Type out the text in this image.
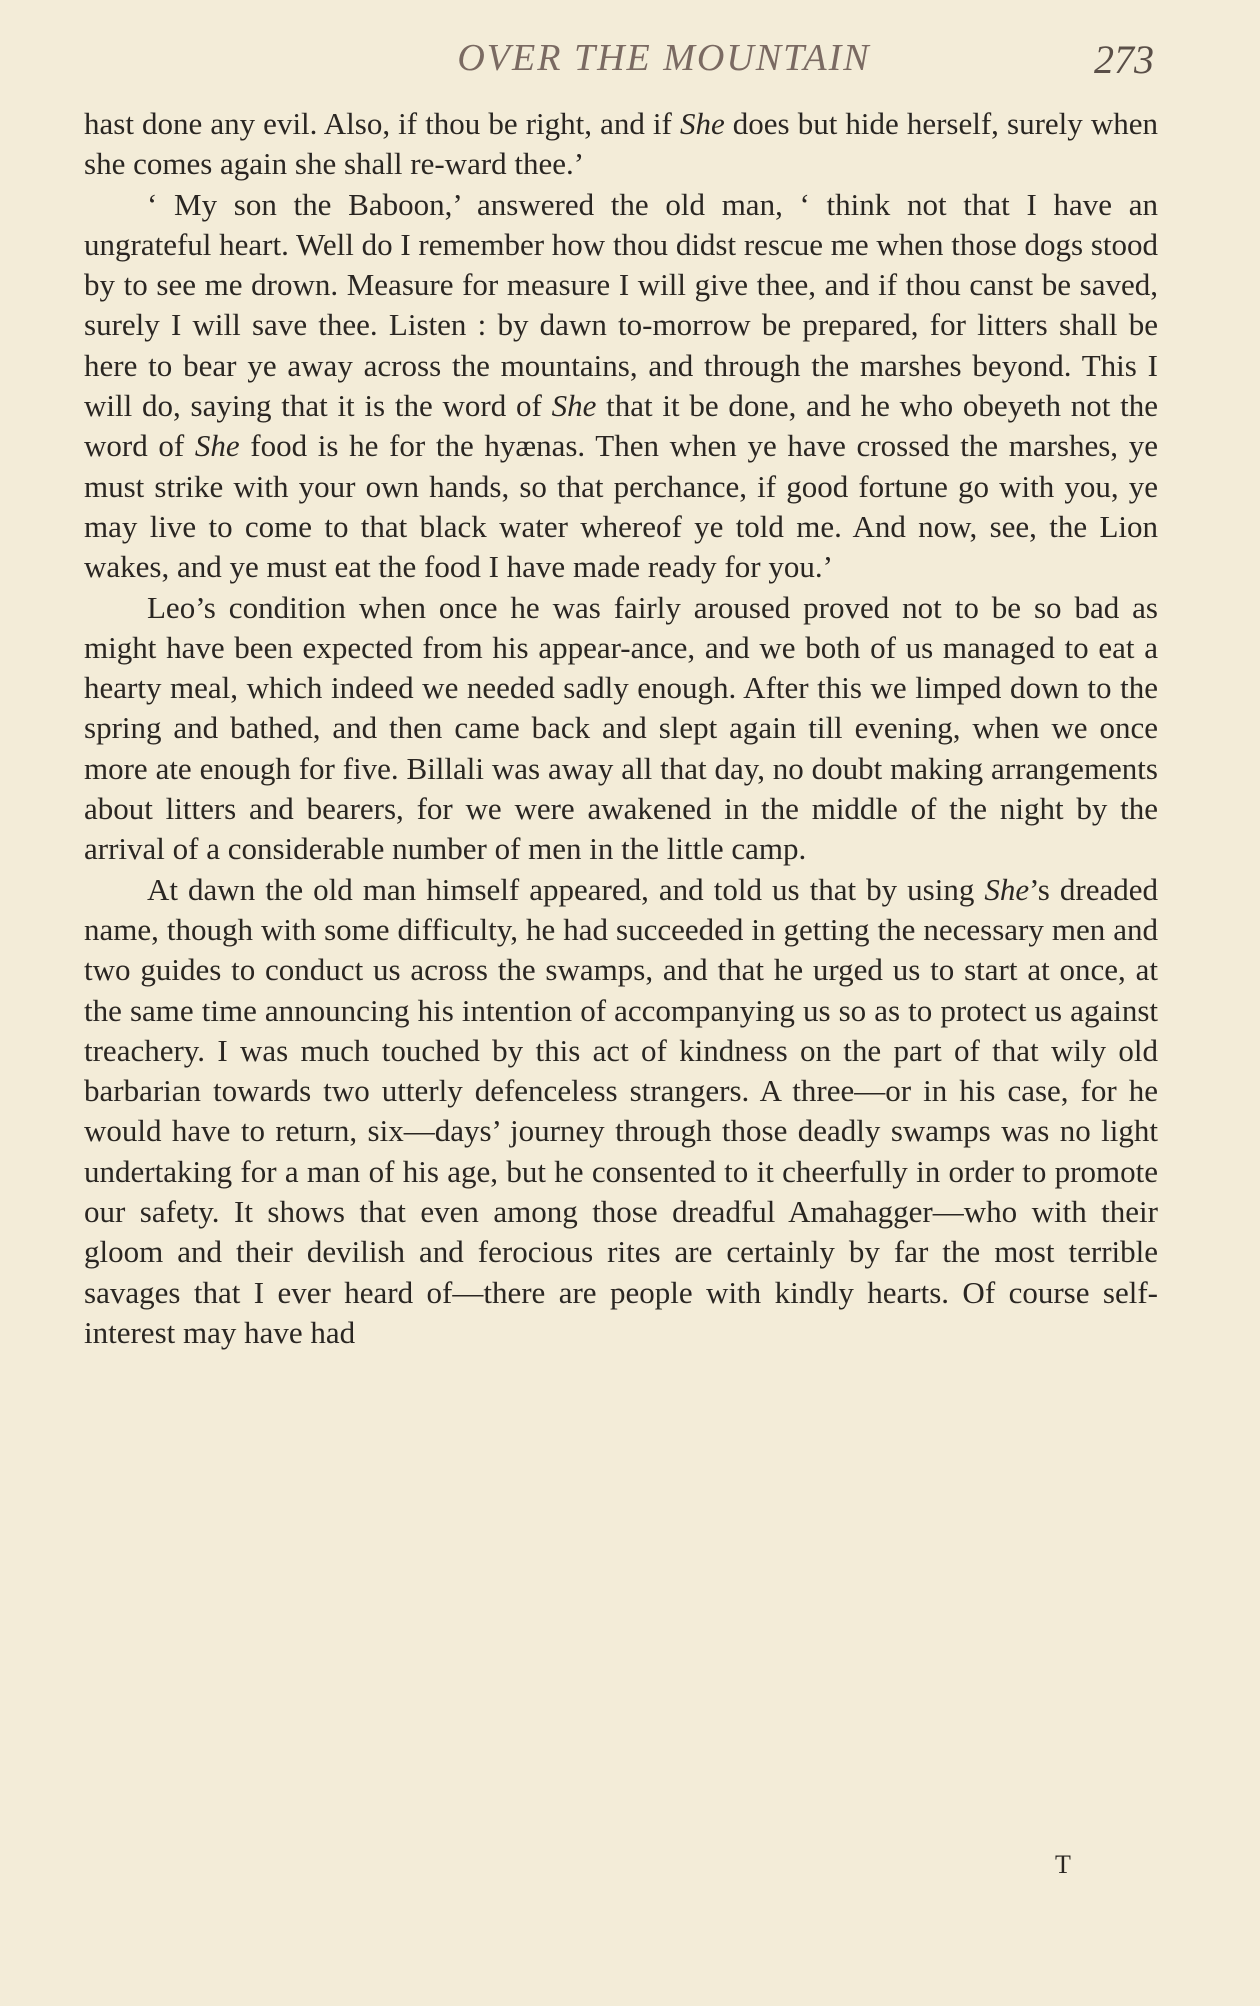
OVER THE MOUNTAIN	273

hast done any evil. Also, if thou be right, and if She does but hide herself, surely when she comes again she shall re-ward thee.’

‘ My son the Baboon,’ answered the old man, ‘ think not that I have an ungrateful heart. Well do I remember how thou didst rescue me when those dogs stood by to see me drown. Measure for measure I will give thee, and if thou canst be saved, surely I will save thee. Listen : by dawn to-morrow be prepared, for litters shall be here to bear ye away across the mountains, and through the marshes beyond. This I will do, saying that it is the word of She that it be done, and he who obeyeth not the word of She food is he for the hyænas. Then when ye have crossed the marshes, ye must strike with your own hands, so that perchance, if good fortune go with you, ye may live to come to that black water whereof ye told me. And now, see, the Lion wakes, and ye must eat the food I have made ready for you.’

Leo’s condition when once he was fairly aroused proved not to be so bad as might have been expected from his appear-ance, and we both of us managed to eat a hearty meal, which indeed we needed sadly enough. After this we limped down to the spring and bathed, and then came back and slept again till evening, when we once more ate enough for five. Billali was away all that day, no doubt making arrangements about litters and bearers, for we were awakened in the middle of the night by the arrival of a considerable number of men in the little camp.

At dawn the old man himself appeared, and told us that by using She’s dreaded name, though with some difficulty, he had succeeded in getting the necessary men and two guides to conduct us across the swamps, and that he urged us to start at once, at the same time announcing his intention of accompanying us so as to protect us against treachery. I was much touched by this act of kindness on the part of that wily old barbarian towards two utterly defenceless strangers. A three—or in his case, for he would have to return, six—days’ journey through those deadly swamps was no light undertaking for a man of his age, but he consented to it cheerfully in order to promote our safety. It shows that even among those dreadful Amahagger—who with their gloom and their devilish and ferocious rites are certainly by far the most terrible savages that I ever heard of—there are people with kindly hearts. Of course self-interest may have had

T
